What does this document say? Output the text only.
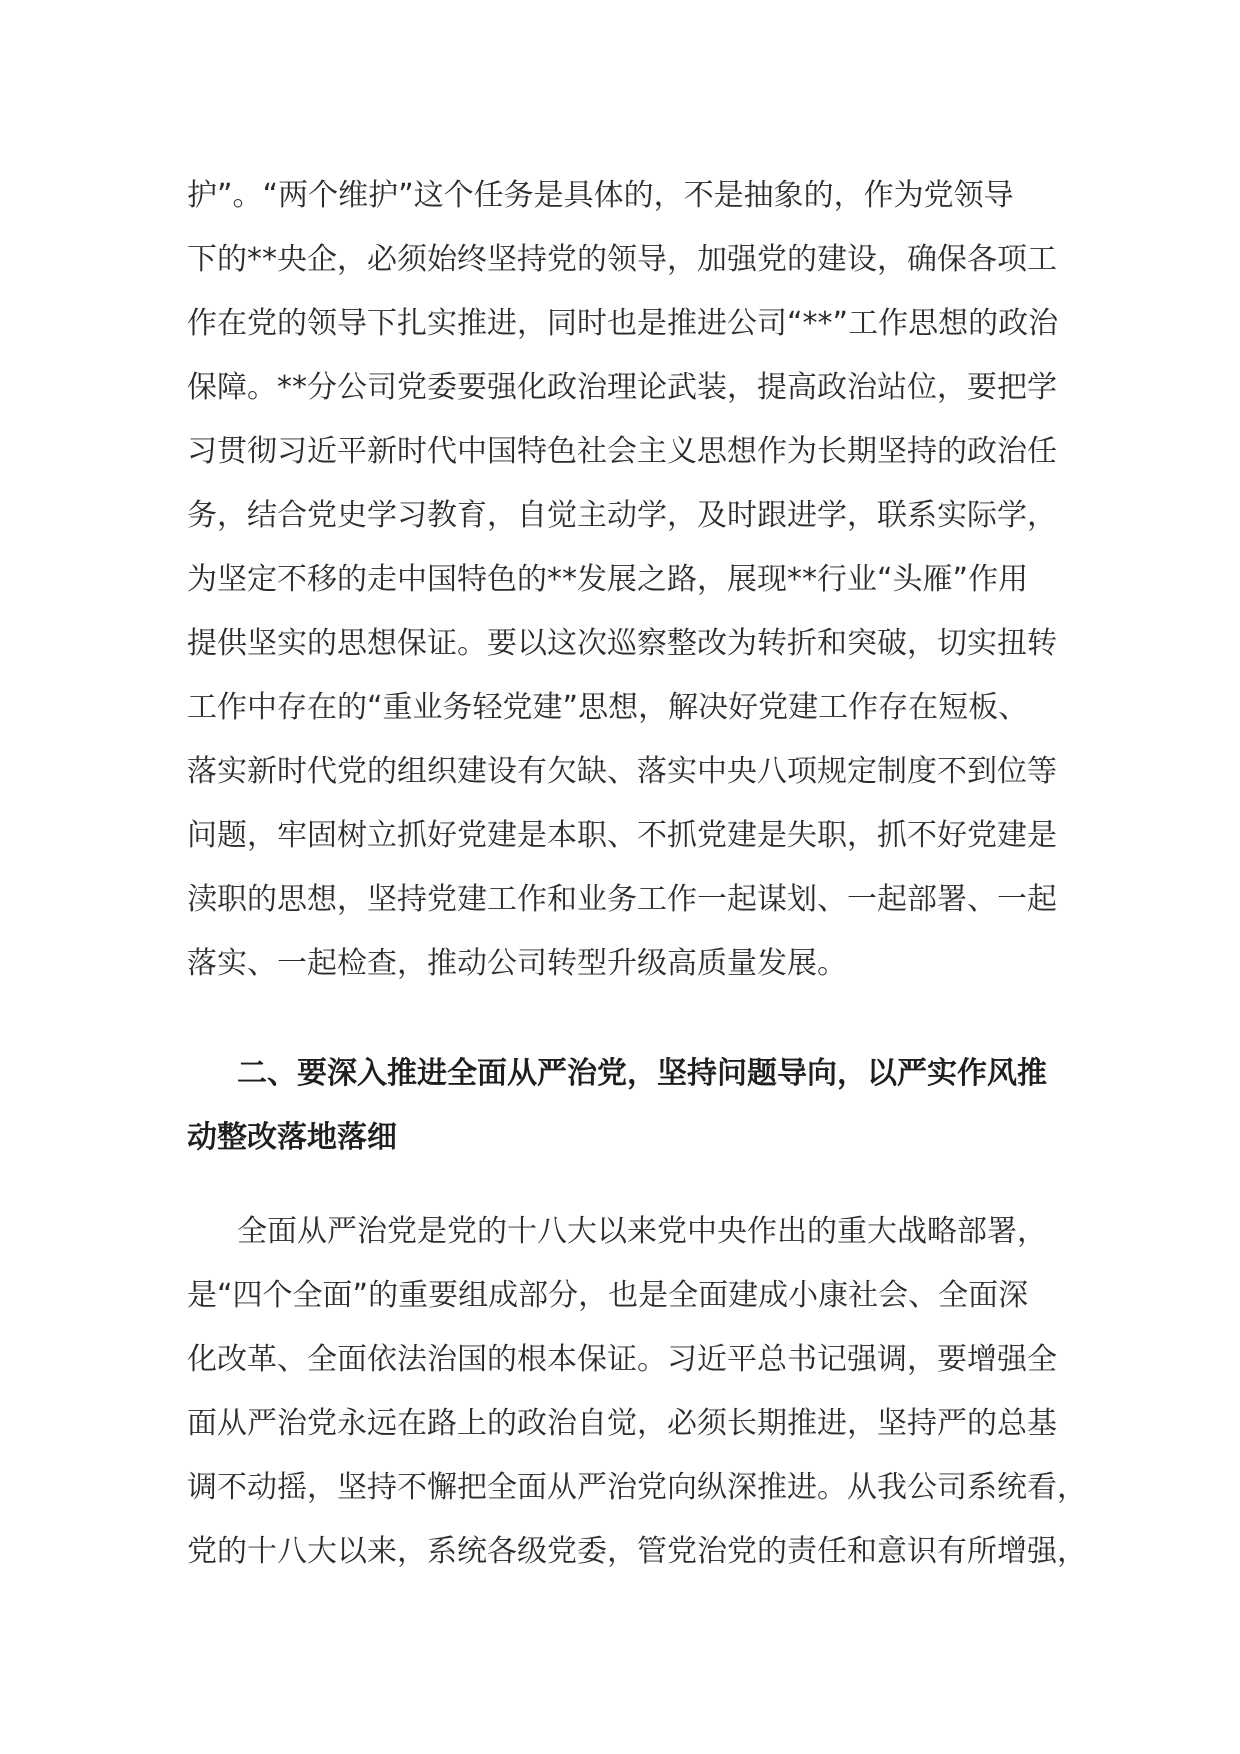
护”。“两个维护”这个任务是具体的，不是抽象的，作为党领导
下的**央企，必须始终坚持党的领导，加强党的建设，确保各项工
作在党的领导下扎实推进，同时也是推进公司“**”工作思想的政治
保障。**分公司党委要强化政治理论武装，提高政治站位，要把学
习贯彻习近平新时代中国特色社会主义思想作为长期坚持的政治任
务，结合党史学习教育，自觉主动学，及时跟进学，联系实际学，
为坚定不移的走中国特色的**发展之路，展现**行业“头雁”作用
提供坚实的思想保证。要以这次巡察整改为转折和突破，切实扭转
工作中存在的“重业务轻党建”思想，解决好党建工作存在短板、
落实新时代党的组织建设有欠缺、落实中央八项规定制度不到位等
问题，牢固树立抓好党建是本职、不抓党建是失职，抓不好党建是
渎职的思想，坚持党建工作和业务工作一起谋划、一起部署、一起
落实、一起检查，推动公司转型升级高质量发展。
二、要深入推进全面从严治党，坚持问题导向，以严实作风推
动整改落地落细
全面从严治党是党的十八大以来党中央作出的重大战略部署，
是“四个全面”的重要组成部分，也是全面建成小康社会、全面深
化改革、全面依法治国的根本保证。习近平总书记强调，要增强全
面从严治党永远在路上的政治自觉，必须长期推进，坚持严的总基
调不动摇，坚持不懈把全面从严治党向纵深推进。从我公司系统看，
党的十八大以来，系统各级党委，管党治党的责任和意识有所增强，
